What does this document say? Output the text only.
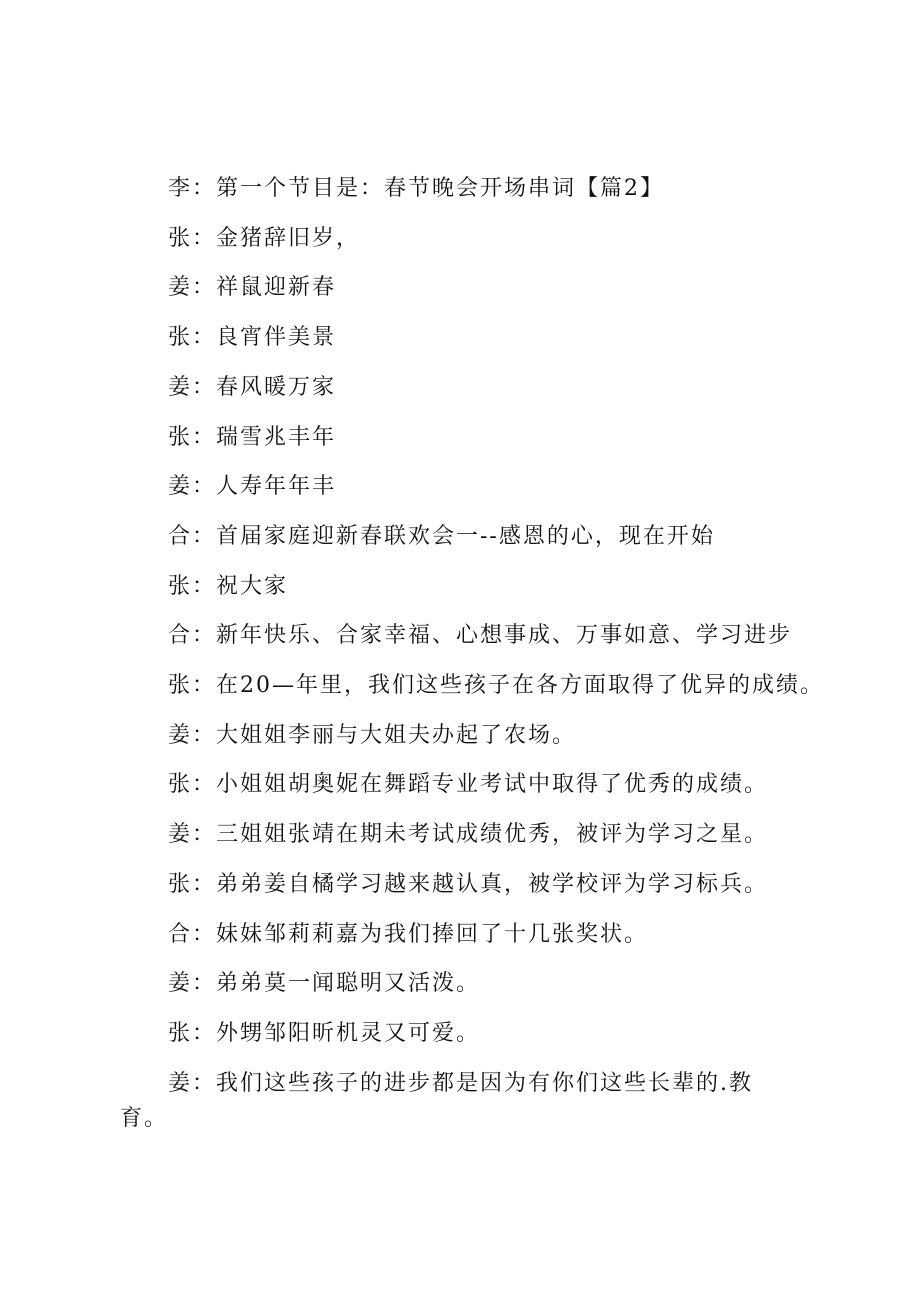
李：第一个节目是：春节晚会开场串词【篇2】

张：金猪辞旧岁，

姜：祥鼠迎新春

张：良宵伴美景

姜：春风暖万家

张：瑞雪兆丰年

姜：人寿年年丰

合：首届家庭迎新春联欢会一--感恩的心，现在开始

张：祝大家

合：新年快乐、合家幸福、心想事成、万事如意、学习进步

张：在20—年里，我们这些孩子在各方面取得了优异的成绩。

姜：大姐姐李丽与大姐夫办起了农场。

张：小姐姐胡奥妮在舞蹈专业考试中取得了优秀的成绩。

姜：三姐姐张靖在期未考试成绩优秀，被评为学习之星。

张：弟弟姜自橘学习越来越认真，被学校评为学习标兵。

合：妹妹邹莉莉嘉为我们捧回了十几张奖状。

姜：弟弟莫一闻聪明又活泼。

张：外甥邹阳昕机灵又可爱。

姜：我们这些孩子的进步都是因为有你们这些长辈的.教
育。
